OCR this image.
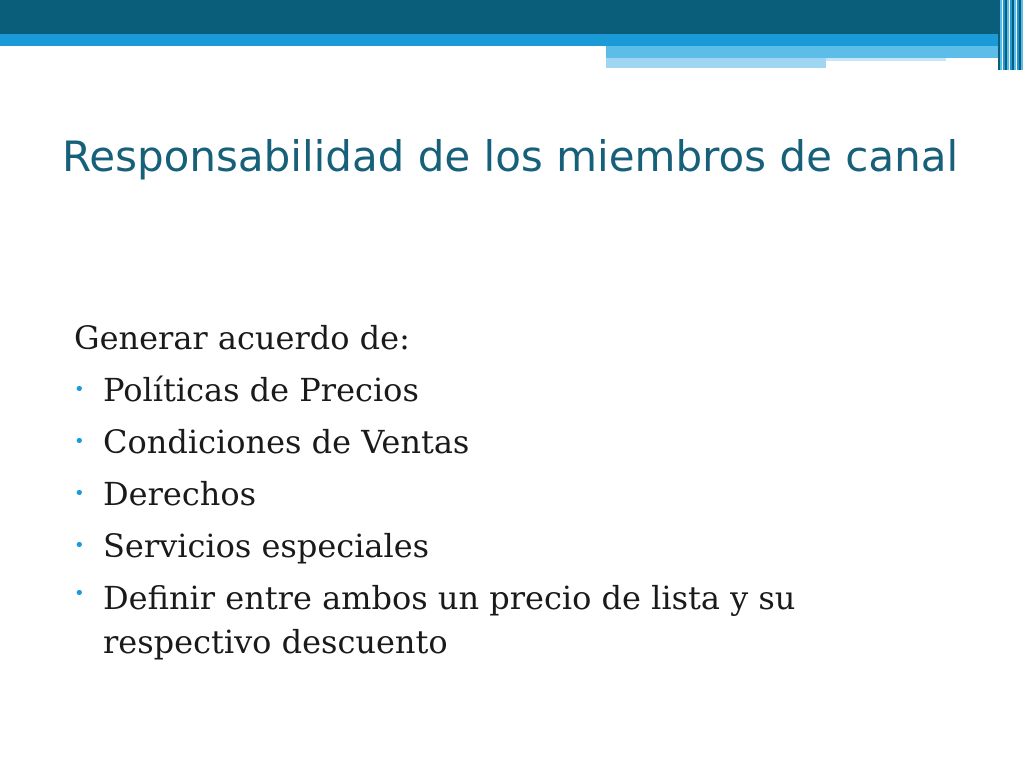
Responsabilidad de los miembros de canal

Generar acuerdo de:

• Políticas de Precios
• Condiciones de Ventas
• Derechos
• Servicios especiales
• Definir entre ambos un precio de lista y su respectivo descuento
